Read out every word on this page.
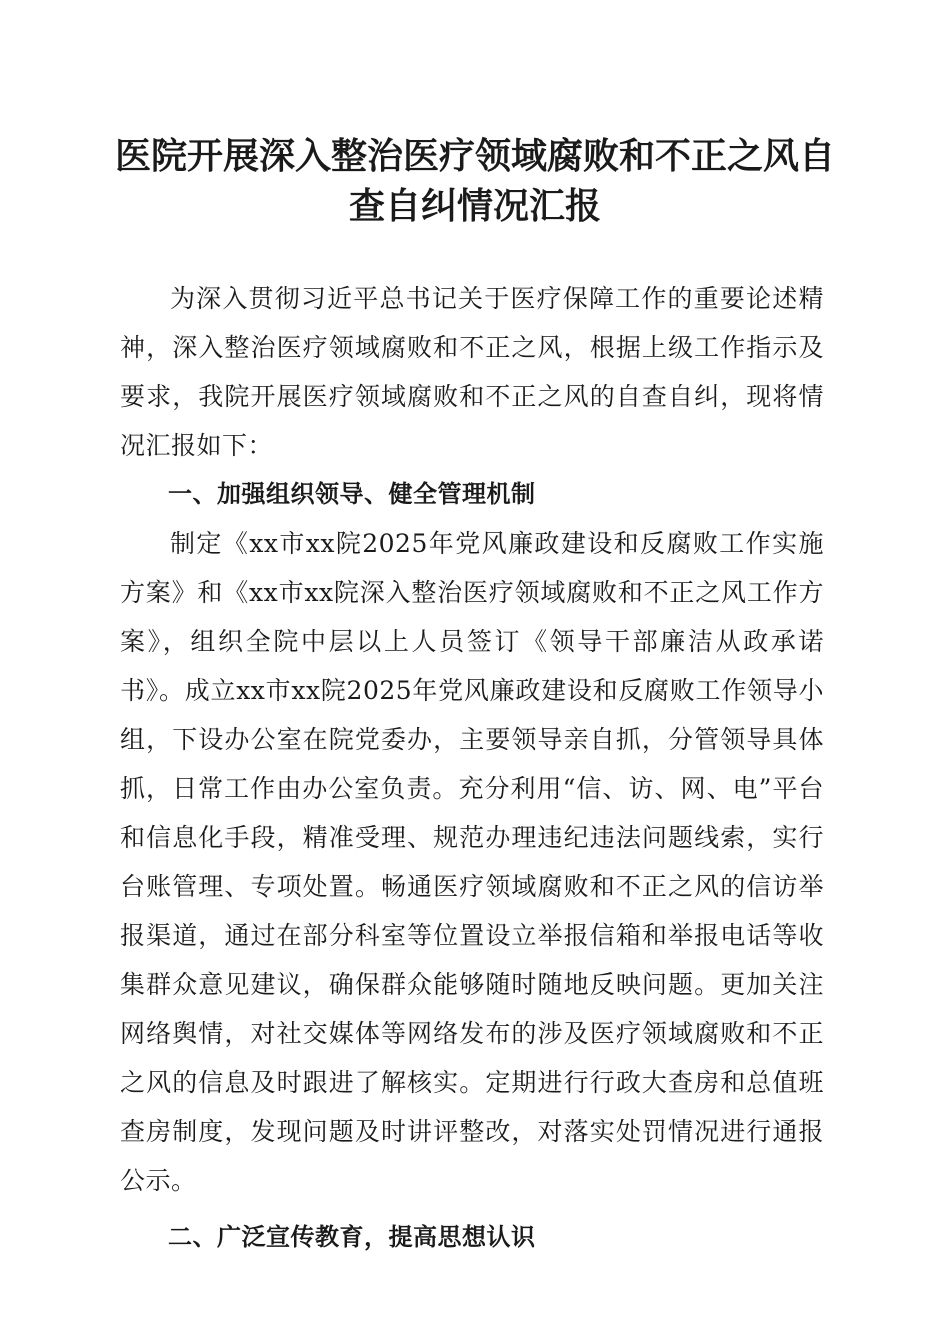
医院开展深入整治医疗领域腐败和不正之风自查自纠情况汇报

为深入贯彻习近平总书记关于医疗保障工作的重要论述精神，深入整治医疗领域腐败和不正之风，根据上级工作指示及要求，我院开展医疗领域腐败和不正之风的自查自纠，现将情况汇报如下：

一、加强组织领导、健全管理机制

制定《xx市xx院2025年党风廉政建设和反腐败工作实施方案》和《xx市xx院深入整治医疗领域腐败和不正之风工作方案》，组织全院中层以上人员签订《领导干部廉洁从政承诺书》。成立xx市xx院2025年党风廉政建设和反腐败工作领导小组，下设办公室在院党委办，主要领导亲自抓，分管领导具体抓，日常工作由办公室负责。充分利用“信、访、网、电”平台和信息化手段，精准受理、规范办理违纪违法问题线索，实行台账管理、专项处置。畅通医疗领域腐败和不正之风的信访举报渠道，通过在部分科室等位置设立举报信箱和举报电话等收集群众意见建议，确保群众能够随时随地反映问题。更加关注网络舆情，对社交媒体等网络发布的涉及医疗领域腐败和不正之风的信息及时跟进了解核实。定期进行行政大查房和总值班查房制度，发现问题及时讲评整改，对落实处罚情况进行通报公示。

二、广泛宣传教育，提高思想认识
